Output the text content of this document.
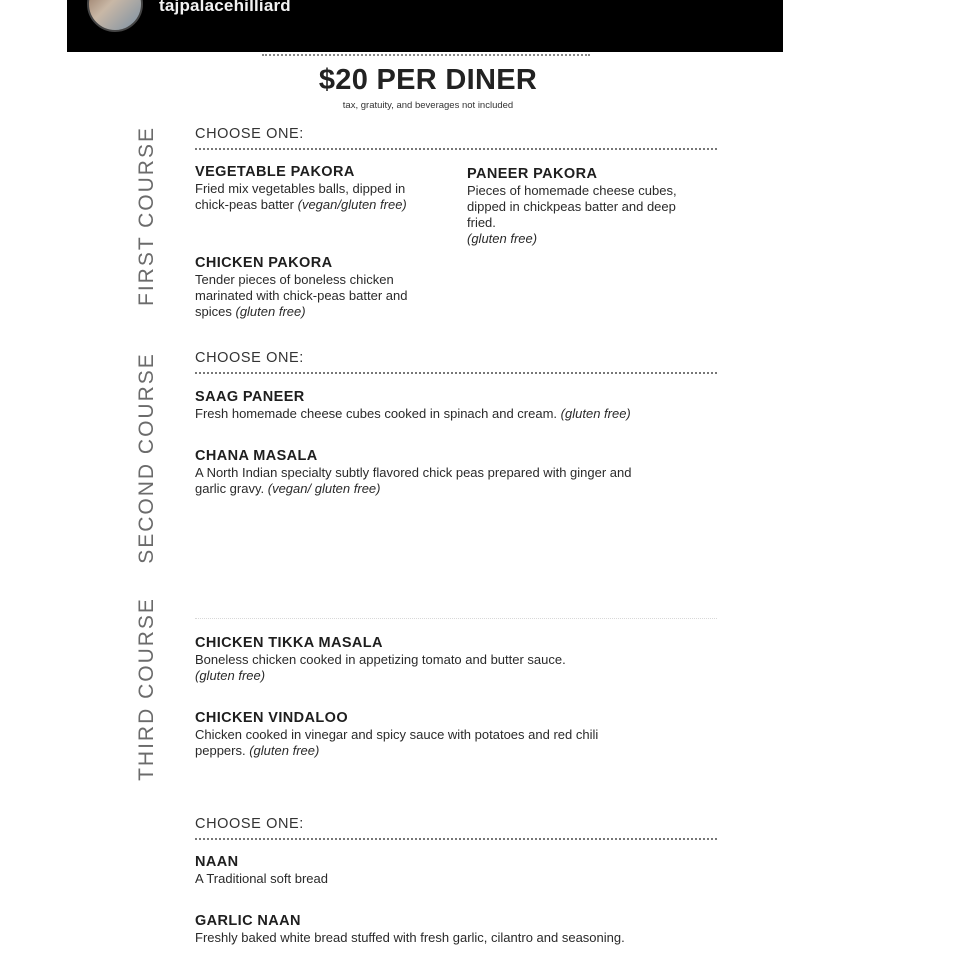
tajpalacehilliard
$20 PER DINER
tax, gratuity, and beverages not included
FIRST COURSE
SECOND COURSE
THIRD COURSE
CHOOSE ONE:
VEGETABLE PAKORA
Fried mix vegetables balls, dipped in chick-peas batter (vegan/gluten free)
PANEER PAKORA
Pieces of homemade cheese cubes, dipped in chickpeas batter and deep fried.
(gluten free)
CHICKEN PAKORA
Tender pieces of boneless chicken marinated with chick-peas batter and spices (gluten free)
CHOOSE ONE:
SAAG PANEER
Fresh homemade cheese cubes cooked in spinach and cream. (gluten free)
CHANA MASALA
A North Indian specialty subtly flavored chick peas prepared with ginger and garlic gravy. (vegan/ gluten free)
CHICKEN TIKKA MASALA
Boneless chicken cooked in appetizing tomato and butter sauce.
(gluten free)
CHICKEN VINDALOO
Chicken cooked in vinegar and spicy sauce with potatoes and red chili peppers. (gluten free)
CHOOSE ONE:
NAAN
A Traditional soft bread
GARLIC NAAN
Freshly baked white bread stuffed with fresh garlic, cilantro and seasoning.
